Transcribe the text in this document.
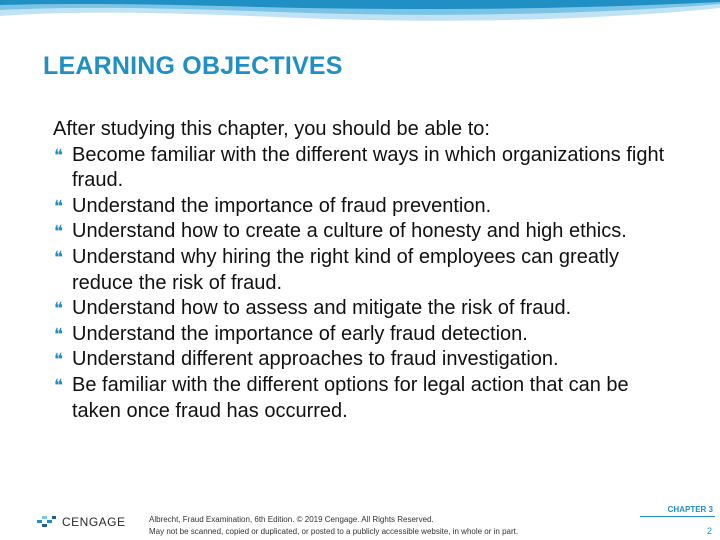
LEARNING OBJECTIVES

After studying this chapter, you should be able to:

❝ Become familiar with the different ways in which organizations fight fraud.
❝ Understand the importance of fraud prevention.
❝ Understand how to create a culture of honesty and high ethics.
❝ Understand why hiring the right kind of employees can greatly reduce the risk of fraud.
❝ Understand how to assess and mitigate the risk of fraud.
❝ Understand the importance of early fraud detection.
❝ Understand different approaches to fraud investigation.
❝ Be familiar with the different options for legal action that can be taken once fraud has occurred.
CENGAGE	Albrecht, Fraud Examination, 6th Edition. © 2019 Cengage. All Rights Reserved.
May not be scanned, copied or duplicated, or posted to a publicly accessible website, in whole or in part.
CHAPTER 3
2
